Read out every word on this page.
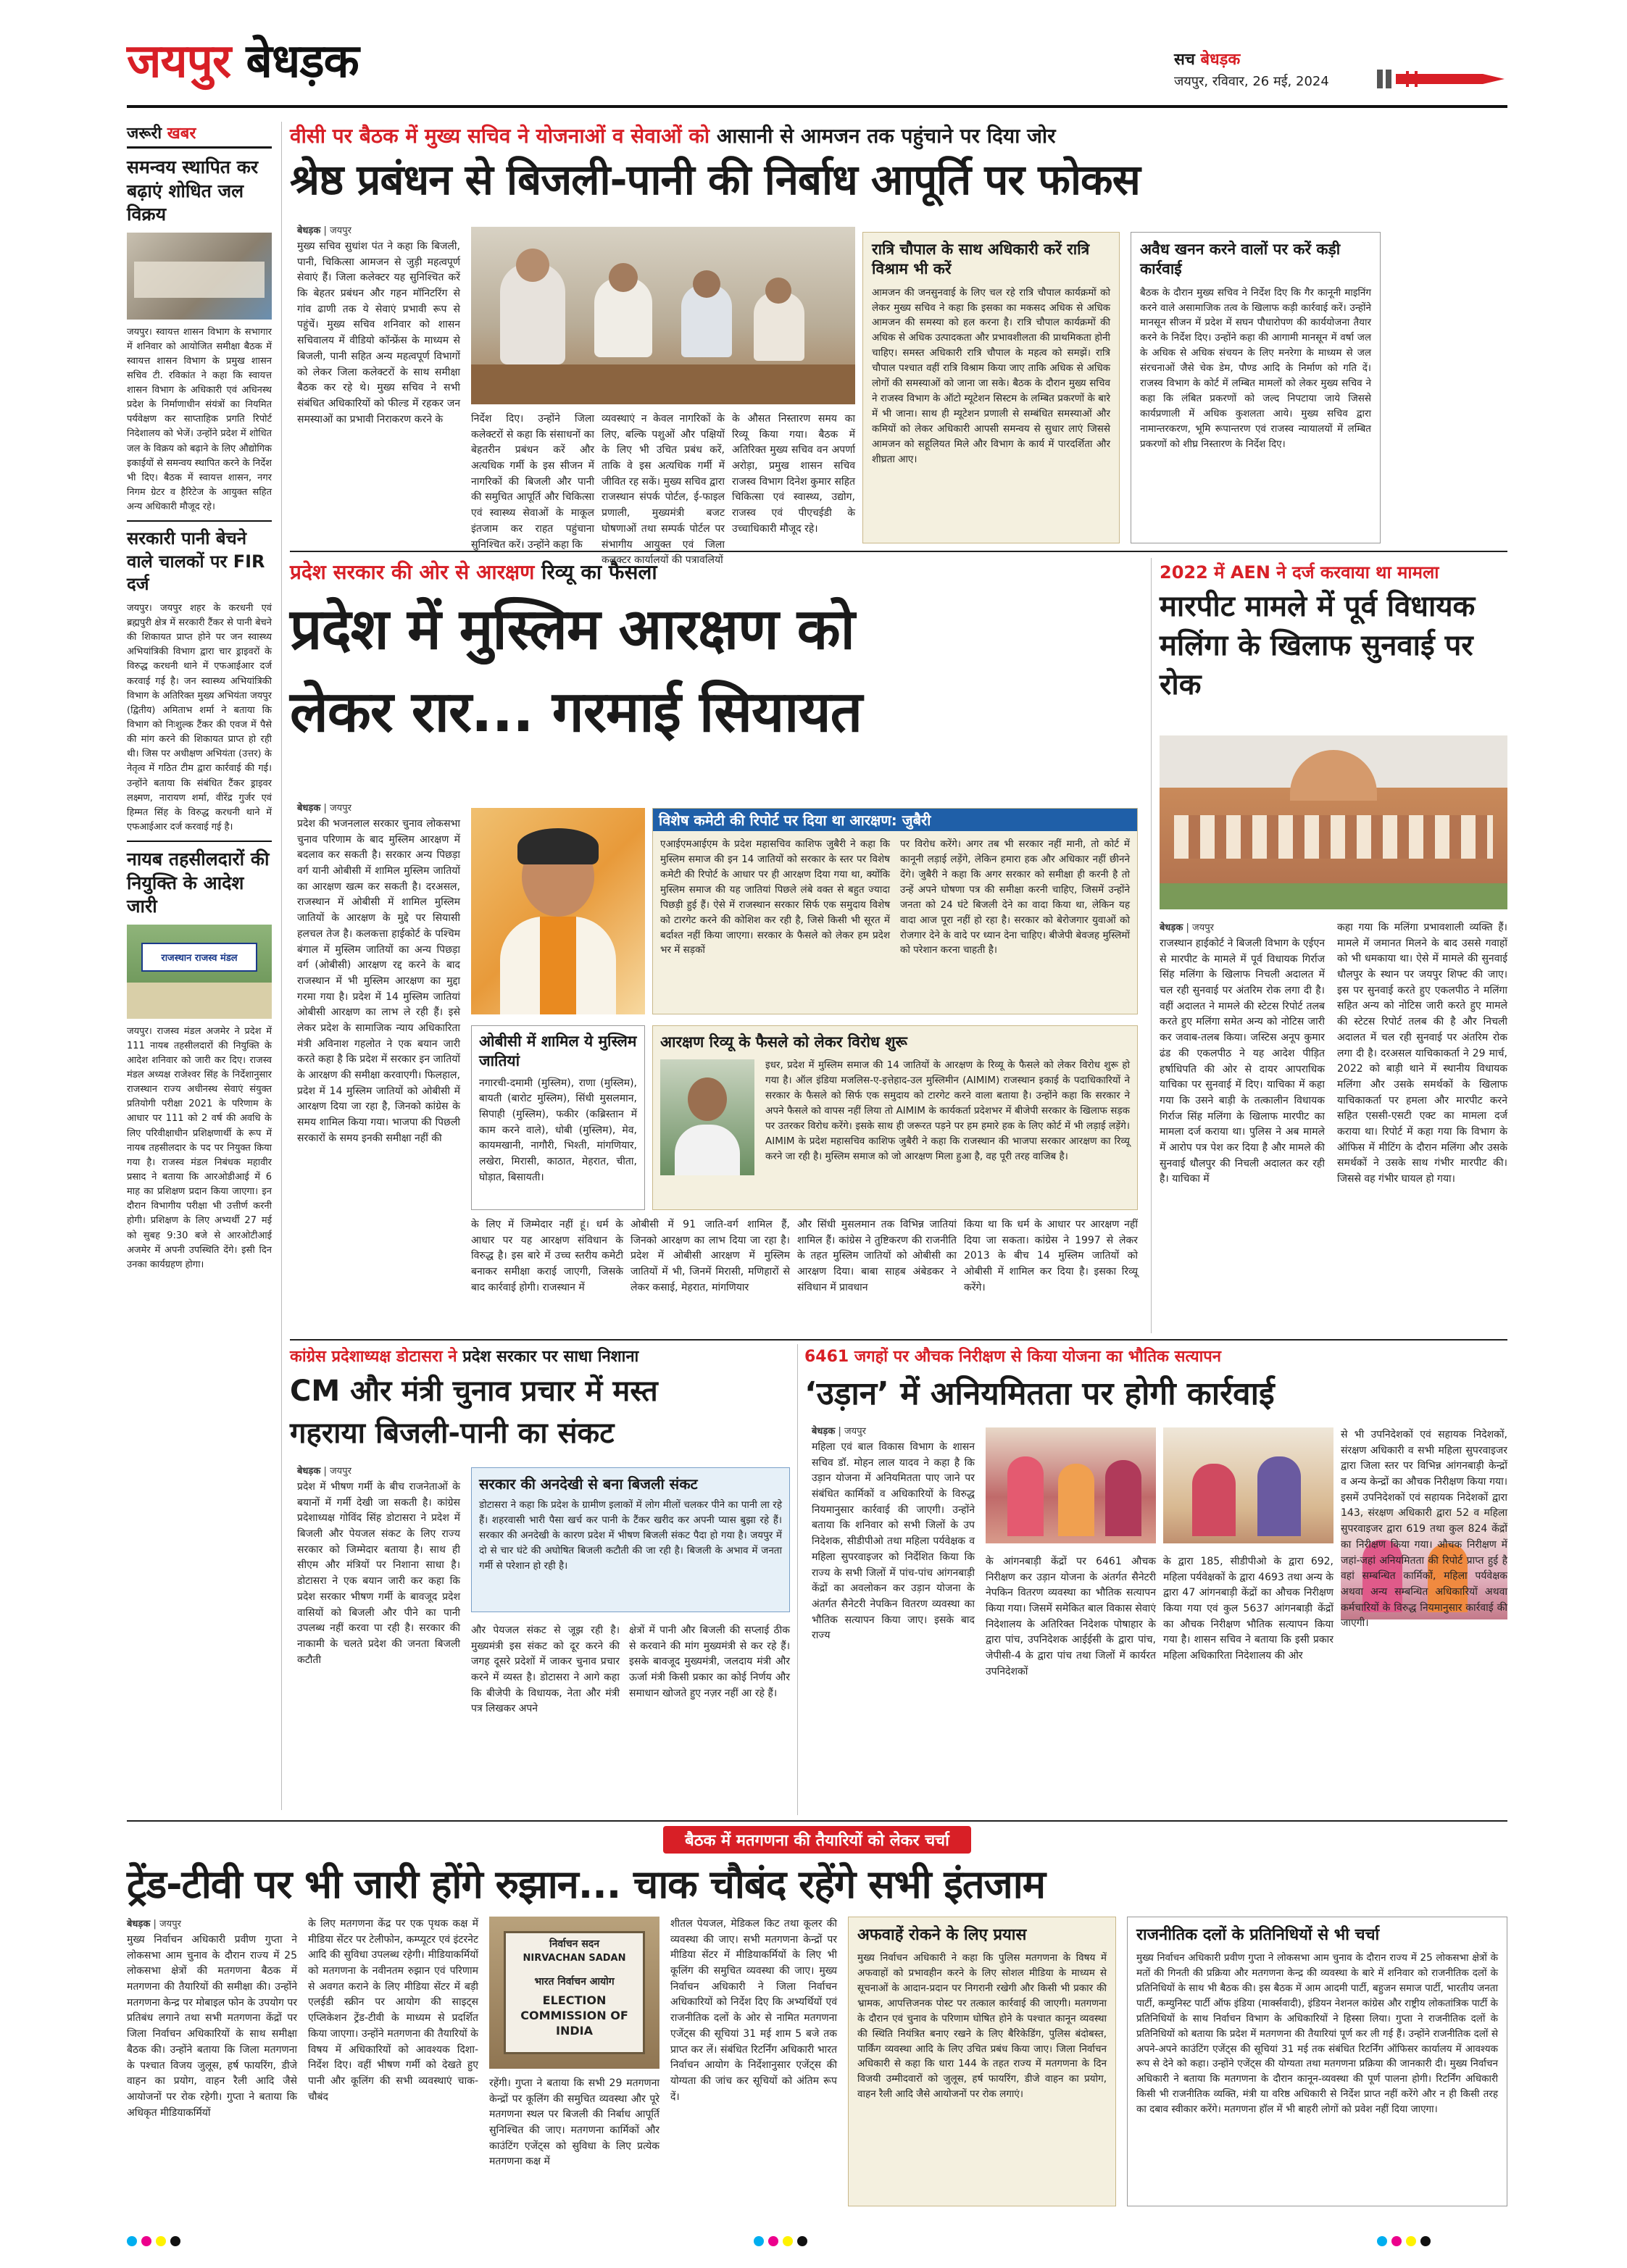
जयपुर बेधड़क	सच बेधड़क
जयपुर, रविवार, 26 मई, 2024
जरूरी खबर
समन्वय स्थापित कर बढ़ाएं शोधित जल विक्रय

जयपुर। स्वायत्त शासन विभाग के सभागार में शनिवार को आयोजित समीक्षा बैठक में स्वायत्त शासन विभाग के प्रमुख शासन सचिव टी. रविकांत ने कहा कि स्वायत्त शासन विभाग के अधिकारी एवं अधिनस्थ प्रदेश के निर्माणाधीन संयंत्रों का नियमित पर्यवेक्षण कर साप्ताहिक प्रगति रिपोर्ट निदेशालय को भेजें। उन्होंने प्रदेश में शोधित जल के विक्रय को बढ़ाने के लिए औद्योगिक इकाईयों से समन्वय स्थापित करने के निर्देश भी दिए। बैठक में स्वायत्त शासन, नगर निगम ग्रेटर व हैरिटेज के आयुक्त सहित अन्य अधिकारी मौजूद रहे।

सरकारी पानी बेचने वाले चालकों पर FIR दर्ज

जयपुर। जयपुर शहर के करधनी एवं ब्रह्मपुरी क्षेत्र में सरकारी टैंकर से पानी बेचने की शिकायत प्राप्त होने पर जन स्वास्थ्य अभियांत्रिकी विभाग द्वारा चार ड्राइवरों के विरुद्ध करधनी थाने में एफआईआर दर्ज करवाई गई है। जन स्वास्थ्य अभियांत्रिकी विभाग के अतिरिक्त मुख्य अभियंता जयपुर (द्वितीय) अमिताभ शर्मा ने बताया कि विभाग को निःशुल्क टैंकर की एवज में पैसे की मांग करने की शिकायत प्राप्त हो रही थी। जिस पर अधीक्षण अभियंता (उत्तर) के नेतृत्व में गठित टीम द्वारा कार्रवाई की गई। उन्होंने बताया कि संबंधित टैंकर ड्राइवर लक्ष्मण, नारायण शर्मा, वीरेंद्र गुर्जर एवं हिम्मत सिंह के विरुद्ध करधनी थाने में एफआईआर दर्ज करवाई गई है।

नायब तहसीलदारों की नियुक्ति के आदेश जारी
राजस्थान राजस्व मंडल

जयपुर। राजस्व मंडल अजमेर ने प्रदेश में 111 नायब तहसीलदारों की नियुक्ति के आदेश शनिवार को जारी कर दिए। राजस्व मंडल अध्यक्ष राजेश्वर सिंह के निर्देशानुसार राजस्थान राज्य अधीनस्थ सेवाएं संयुक्त प्रतियोगी परीक्षा 2021 के परिणाम के आधार पर 111 को 2 वर्ष की अवधि के लिए परिवीक्षाधीन प्रशिक्षणार्थी के रूप में नायब तहसीलदार के पद पर नियुक्त किया गया है। राजस्व मंडल निबंधक महावीर प्रसाद ने बताया कि आरओडीआई में 6 माह का प्रशिक्षण प्रदान किया जाएगा। इन दौरान विभागीय परीक्षा भी उत्तीर्ण करनी होगी। प्रशिक्षण के लिए अभ्यर्थी 27 मई को सुबह 9:30 बजे से आरओटीआई अजमेर में अपनी उपस्थिति देंगे। इसी दिन उनका कार्यग्रहण होगा।

वीसी पर बैठक में मुख्य सचिव ने योजनाओं व सेवाओं को आसानी से आमजन तक पहुंचाने पर दिया जोर
श्रेष्ठ प्रबंधन से बिजली-पानी की निर्बाध आपूर्ति पर फोकस
बेधड़क | जयपुर

मुख्य सचिव सुधांश पंत ने कहा कि बिजली, पानी, चिकित्सा आमजन से जुड़ी महत्वपूर्ण सेवाएं हैं। जिला कलेक्टर यह सुनिश्चित करें कि बेहतर प्रबंधन और गहन मॉनिटरिंग से गांव ढाणी तक ये सेवाएं प्रभावी रूप से पहुंचें। मुख्य सचिव शनिवार को शासन सचिवालय में वीडियो कॉन्फ्रेंस के माध्यम से बिजली, पानी सहित अन्य महत्वपूर्ण विभागों को लेकर जिला कलेक्टरों के साथ समीक्षा बैठक कर रहे थे। मुख्य सचिव ने सभी संबंधित अधिकारियों को फील्ड में रहकर जन समस्याओं का प्रभावी निराकरण करने के	निर्देश दिए। उन्होंने जिला कलेक्टरों से कहा कि संसाधनों का बेहतरीन प्रबंधन करें और अत्यधिक गर्मी के इस सीजन में नागरिकों की बिजली और पानी की समुचित आपूर्ति और चिकित्सा एवं स्वास्थ्य सेवाओं के माकूल इंतजाम कर राहत पहुंचाना सुनिश्चित करें। उन्होंने कहा कि

व्यवस्थाएं न केवल नागरिकों के लिए, बल्कि पशुओं और पक्षियों के लिए भी उचित प्रबंध करें, ताकि वे इस अत्यधिक गर्मी में जीवित रह सकें। मुख्य सचिव द्वारा राजस्थान संपर्क पोर्टल, ई-फाइल प्रणाली, मुख्यमंत्री बजट घोषणाओं तथा सम्पर्क पोर्टल पर संभागीय आयुक्त एवं जिला कलक्टर कार्यालयों की पत्रावलियों

के औसत निस्तारण समय का रिव्यू किया गया। बैठक में अतिरिक्त मुख्य सचिव वन अपर्णा अरोड़ा, प्रमुख शासन सचिव राजस्व विभाग दिनेश कुमार सहित चिकित्सा एवं स्वास्थ्य, उद्योग, राजस्व एवं पीएचईडी के उच्चाधिकारी मौजूद रहे।

रात्रि चौपाल के साथ अधिकारी करें रात्रि विश्राम भी करें

आमजन की जनसुनवाई के लिए चल रहे रात्रि चौपाल कार्यक्रमों को लेकर मुख्य सचिव ने कहा कि इसका का मकसद अधिक से अधिक आमजन की समस्या को हल करना है। रात्रि चौपाल कार्यक्रमों की अधिक से अधिक उत्पादकता और प्रभावशीलता की प्राथमिकता होनी चाहिए। समस्त अधिकारी रात्रि चौपाल के महत्व को समझें। रात्रि चौपाल पश्चात वहीं रात्रि विश्राम किया जाए ताकि अधिक से अधिक लोगों की समस्याओं को जाना जा सके। बैठक के दौरान मुख्य सचिव ने राजस्व विभाग के ऑटो म्यूटेशन सिस्टम के लम्बित प्रकरणों के बारे में भी जाना। साथ ही म्यूटेशन प्रणाली से सम्बंधित समस्याओं और कमियों को लेकर अधिकारी आपसी समन्वय से सुधार लाएं जिससे आमजन को सहूलियत मिले और विभाग के कार्य में पारदर्शिता और शीघ्रता आए।

अवैध खनन करने वालों पर करें कड़ी कार्रवाई

बैठक के दौरान मुख्य सचिव ने निर्देश दिए कि गैर कानूनी माइनिंग करने वाले असामाजिक तत्व के खिलाफ कड़ी कार्रवाई करें। उन्होंने मानसून सीजन में प्रदेश में सघन पौधारोपण की कार्ययोजना तैयार करने के निर्देश दिए। उन्होंने कहा की आगामी मानसून में वर्षा जल के अधिक से अधिक संचयन के लिए मनरेगा के माध्यम से जल संरचनाओं जैसे चेक डेम, पौण्ड आदि के निर्माण को गति दें। राजस्व विभाग के कोर्ट में लम्बित मामलों को लेकर मुख्य सचिव ने कहा कि लंबित प्रकरणों को जल्द निपटाया जाये जिससे कार्यप्रणाली में अधिक कुशलता आये। मुख्य सचिव द्वारा नामान्तरकरण, भूमि रूपान्तरण एवं राजस्व न्यायालयों में लम्बित प्रकरणों को शीघ्र निस्तारण के निर्देश दिए।

प्रदेश सरकार की ओर से आरक्षण रिव्यू का फैसला
प्रदेश में मुस्लिम आरक्षण को
लेकर रार... गरमाई सियायत
बेधड़क | जयपुर

प्रदेश की भजनलाल सरकार चुनाव लोकसभा चुनाव परिणाम के बाद मुस्लिम आरक्षण में बदलाव कर सकती है। सरकार अन्य पिछड़ा वर्ग यानी ओबीसी में शामिल मुस्लिम जातियों का आरक्षण खत्म कर सकती है। दरअसल, राजस्थान में ओबीसी में शामिल मुस्लिम जातियों के आरक्षण के मुद्दे पर सियासी हलचल तेज है। कलकत्ता हाईकोर्ट के पश्चिम बंगाल में मुस्लिम जातियों का अन्य पिछड़ा वर्ग (ओबीसी) आरक्षण रद्द करने के बाद राजस्थान में भी मुस्लिम आरक्षण का मुद्दा गरमा गया है। प्रदेश में 14 मुस्लिम जातियां ओबीसी आरक्षण का लाभ ले रही हैं। इसे लेकर प्रदेश के सामाजिक न्याय अधिकारिता मंत्री अविनाश गहलोत ने एक बयान जारी करते कहा है कि प्रदेश में सरकार इन जातियों के आरक्षण की समीक्षा करवाएगी। फिलहाल, प्रदेश में 14 मुस्लिम जातियों को ओबीसी में आरक्षण दिया जा रहा है, जिनको कांग्रेस के समय शामिल किया गया। भाजपा की पिछली सरकारों के समय इनकी समीक्षा नहीं की

विशेष कमेटी की रिपोर्ट पर दिया था आरक्षण: जुबैरी

एआईएमआईएम के प्रदेश महासचिव काशिफ जुबैरी ने कहा कि मुस्लिम समाज की इन 14 जातियों को सरकार के स्तर पर विशेष कमेटी की रिपोर्ट के आधार पर ही आरक्षण दिया गया था, क्योंकि मुस्लिम समाज की यह जातियां पिछले लंबे वक्त से बहुत ज्यादा पिछड़ी हुई हैं। ऐसे में राजस्थान सरकार सिर्फ एक समुदाय विशेष को टारगेट करने की कोशिश कर रही है, जिसे किसी भी सूरत में बर्दाश्त नहीं किया जाएगा। सरकार के फैसले को लेकर हम प्रदेश भर में सड़कों

पर विरोध करेंगे। अगर तब भी सरकार नहीं मानी, तो कोर्ट में कानूनी लड़ाई लड़ेंगे, लेकिन हमारा हक और अधिकार नहीं छीनने देंगे। जुबैरी ने कहा कि अगर सरकार को समीक्षा ही करनी है तो उन्हें अपने घोषणा पत्र की समीक्षा करनी चाहिए, जिसमें उन्होंने जनता को 24 घंटे बिजली देने का वादा किया था, लेकिन यह वादा आज पूरा नहीं हो रहा है। सरकार को बेरोजगार युवाओं को रोजगार देने के वादे पर ध्यान देना चाहिए। बीजेपी बेवजह मुस्लिमों को परेशान करना चाहती है।

ओबीसी में शामिल ये मुस्लिम जातियां

नगारची-दमामी (मुस्लिम), राणा (मुस्लिम), बायती (बारोट मुस्लिम), सिंधी मुसलमान, सिपाही (मुस्लिम), फकीर (कब्रिस्तान में काम करने वाले), धोबी (मुस्लिम), मेव, कायमखानी, नागौरी, भिश्ती, मांगणियार, लखेरा, मिरासी, काठात, मेहरात, चीता, घोड़ात, बिसायती।

आरक्षण रिव्यू के फैसले को लेकर विरोध शुरू

इधर, प्रदेश में मुस्लिम समाज की 14 जातियों के आरक्षण के रिव्यू के फैसले को लेकर विरोध शुरू हो गया है। ऑल इंडिया मजलिस-ए-इत्तेहाद-उल मुस्लिमीन (AIMIM) राजस्थान इकाई के पदाधिकारियों ने सरकार के फैसले को सिर्फ एक समुदाय को टारगेट करने वाला बताया है। उन्होंने कहा कि सरकार ने अपने फैसले को वापस नहीं लिया तो AIMIM के कार्यकर्ता प्रदेशभर में बीजेपी सरकार के खिलाफ सड़क पर उतरकर विरोध करेंगे। इसके साथ ही जरूरत पड़ने पर हम हमारे हक के लिए कोर्ट में भी लड़ाई लड़ेंगे। AIMIM के प्रदेश महासचिव काशिफ जुबैरी ने कहा कि राजस्थान की भाजपा सरकार आरक्षण का रिव्यू करने जा रही है। मुस्लिम समाज को जो आरक्षण मिला हुआ है, वह पूरी तरह वाजिब है।

के लिए में जिम्मेदार नहीं हूं। धर्म के आधार पर यह आरक्षण संविधान के विरुद्ध है। इस बारे में उच्च स्तरीय कमेटी बनाकर समीक्षा कराई जाएगी, जिसके बाद कार्रवाई होगी। राजस्थान में

ओबीसी में 91 जाति-वर्ग शामिल हैं, जिनको आरक्षण का लाभ दिया जा रहा है। प्रदेश में ओबीसी आरक्षण में मुस्लिम जातियों में भी, जिनमें मिरासी, मणिहारों से लेकर कसाई, मेहरात, मांगणियार

और सिंधी मुसलमान तक विभिन्न जातियां शामिल हैं। कांग्रेस ने तुष्टिकरण की राजनीति के तहत मुस्लिम जातियों को ओबीसी का आरक्षण दिया। बाबा साहब अंबेडकर ने संविधान में प्रावधान

किया था कि धर्म के आधार पर आरक्षण नहीं दिया जा सकता। कांग्रेस ने 1997 से लेकर 2013 के बीच 14 मुस्लिम जातियों को ओबीसी में शामिल कर दिया है। इसका रिव्यू करेंगे।

2022 में AEN ने दर्ज करवाया था मामला
मारपीट मामले में पूर्व विधायक मलिंगा के खिलाफ सुनवाई पर रोक
बेधड़क | जयपुर

राजस्थान हाईकोर्ट ने बिजली विभाग के एईएन से मारपीट के मामले में पूर्व विधायक गिर्राज सिंह मलिंगा के खिलाफ निचली अदालत में चल रही सुनवाई पर अंतरिम रोक लगा दी है। वहीं अदालत ने मामले की स्टेटस रिपोर्ट तलब करते हुए मलिंगा समेत अन्य को नोटिस जारी कर जवाब-तलब किया। जस्टिस अनूप कुमार ढंड की एकलपीठ ने यह आदेश पीड़ित हर्षाधिपति की ओर से दायर आपराधिक याचिका पर सुनवाई में दिए। याचिका में कहा गया कि उसने बाड़ी के तत्कालीन विधायक गिर्राज सिंह मलिंगा के खिलाफ मारपीट का मामला दर्ज कराया था। पुलिस ने अब मामले में आरोप पत्र पेश कर दिया है और मामले की सुनवाई धौलपुर की निचली अदालत कर रही है। याचिका में

कहा गया कि मलिंगा प्रभावशाली व्यक्ति हैं। मामले में जमानत मिलने के बाद उससे गवाहों को भी धमकाया था। ऐसे में मामले की सुनवाई धौलपुर के स्थान पर जयपुर शिफ्ट की जाए। इस पर सुनवाई करते हुए एकलपीठ ने मलिंगा सहित अन्य को नोटिस जारी करते हुए मामले की स्टेटस रिपोर्ट तलब की है और निचली अदालत में चल रही सुनवाई पर अंतरिम रोक लगा दी है। दरअसल याचिकाकर्ता ने 29 मार्च, 2022 को बाड़ी थाने में स्थानीय विधायक मलिंगा और उसके समर्थकों के खिलाफ याचिकाकर्ता पर हमला और मारपीट करने सहित एससी-एसटी एक्ट का मामला दर्ज कराया था। रिपोर्ट में कहा गया कि विभाग के ऑफिस में मीटिंग के दौरान मलिंगा और उसके समर्थकों ने उसके साथ गंभीर मारपीट की। जिससे वह गंभीर घायल हो गया।

कांग्रेस प्रदेशाध्यक्ष डोटासरा ने प्रदेश सरकार पर साधा निशाना
CM और मंत्री चुनाव प्रचार में मस्त
गहराया बिजली-पानी का संकट
बेधड़क | जयपुर

प्रदेश में भीषण गर्मी के बीच राजनेताओं के बयानों में गर्मी देखी जा सकती है। कांग्रेस प्रदेशाध्यक्ष गोविंद सिंह डोटासरा ने प्रदेश में बिजली और पेयजल संकट के लिए राज्य सरकार को जिम्मेदार बताया है। साथ ही सीएम और मंत्रियों पर निशाना साधा है। डोटासरा ने एक बयान जारी कर कहा कि प्रदेश सरकार भीषण गर्मी के बावजूद प्रदेश वासियों को बिजली और पीने का पानी उपलब्ध नहीं करवा पा रही है। सरकार की नाकामी के चलते प्रदेश की जनता बिजली कटौती

सरकार की अनदेखी से बना बिजली संकट

डोटासरा ने कहा कि प्रदेश के ग्रामीण इलाकों में लोग मीलों चलकर पीने का पानी ला रहे हैं। शहरवासी भारी पैसा खर्च कर पानी के टैंकर खरीद कर अपनी प्यास बुझा रहे हैं। सरकार की अनदेखी के कारण प्रदेश में भीषण बिजली संकट पैदा हो गया है। जयपुर में दो से चार घंटे की अघोषित बिजली कटौती की जा रही है। बिजली के अभाव में जनता गर्मी से परेशान हो रही है।

और पेयजल संकट से जूझ रही है। मुख्यमंत्री इस संकट को दूर करने की जगह दूसरे प्रदेशों में जाकर चुनाव प्रचार करने में व्यस्त है। डोटासरा ने आगे कहा कि बीजेपी के विधायक, नेता और मंत्री पत्र लिखकर अपने

क्षेत्रों में पानी और बिजली की सप्लाई ठीक से करवाने की मांग मुख्यमंत्री से कर रहे हैं। इसके बावजूद मुख्यमंत्री, जलदाय मंत्री और ऊर्जा मंत्री किसी प्रकार का कोई निर्णय और समाधान खोजते हुए नज़र नहीं आ रहे हैं।

6461 जगहों पर औचक निरीक्षण से किया योजना का भौतिक सत्यापन
‘उड़ान’ में अनियमितता पर होगी कार्रवाई
बेधड़क | जयपुर

महिला एवं बाल विकास विभाग के शासन सचिव डॉ. मोहन लाल यादव ने कहा है कि उड़ान योजना में अनियमितता पाए जाने पर संबंधित कार्मिकों व अधिकारियों के विरुद्ध नियमानुसार कार्रवाई की जाएगी। उन्होंने बताया कि शनिवार को सभी जिलों के उप निदेशक, सीडीपीओ तथा महिला पर्यवेक्षक व महिला सुपरवाइजर को निर्देशित किया कि राज्य के सभी जिलों में पांच-पांच आंगनबाड़ी केंद्रों का अवलोकन कर उड़ान योजना के अंतर्गत सैनेटरी नेपकिन वितरण व्यवस्था का भौतिक सत्यापन किया जाए। इसके बाद राज्य

के आंगनबाड़ी केंद्रों पर 6461 औचक निरीक्षण कर उड़ान योजना के अंतर्गत सैनेटरी नेपकिन वितरण व्यवस्था का भौतिक सत्यापन किया गया। जिसमें समेकित बाल विकास सेवाएं निदेशालय के अतिरिक्त निदेशक पोषाहार के द्वारा पांच, उपनिदेशक आईईसी के द्वारा पांच, जेपीसी-4 के द्वारा पांच तथा जिलों में कार्यरत उपनिदेशकों

के द्वारा 185, सीडीपीओ के द्वारा 692, महिला पर्यवेक्षकों के द्वारा 4693 तथा अन्य के द्वारा 47 आंगनबाड़ी केंद्रों का औचक निरीक्षण किया गया एवं कुल 5637 आंगनबाड़ी केंद्रों का औचक निरीक्षण भौतिक सत्यापन किया गया है। शासन सचिव ने बताया कि इसी प्रकार महिला अधिकारिता निदेशालय की ओर

से भी उपनिदेशकों एवं सहायक निदेशकों, संरक्षण अधिकारी व सभी महिला सुपरवाइजर द्वारा जिला स्तर पर विभिन्न आंगनबाड़ी केन्द्रों व अन्य केन्द्रों का औचक निरीक्षण किया गया। इसमें उपनिदेशकों एवं सहायक निदेशकों द्वारा 143, संरक्षण अधिकारी द्वारा 52 व महिला सुपरवाइजर द्वारा 619 तथा कुल 824 केंद्रों का निरीक्षण किया गया। औचक निरीक्षण में जहां-जहां अनियमितता की रिपोर्ट प्राप्त हुई है वहां सम्बन्धित कार्मिकों, महिला पर्यवेक्षक अथवा अन्य सम्बन्धित अधिकारियों अथवा कर्मचारियों के विरुद्ध नियमानुसार कार्रवाई की जाएगी।

बैठक में मतगणना की तैयारियों को लेकर चर्चा
ट्रेंड-टीवी पर भी जारी होंगे रुझान... चाक चौबंद रहेंगे सभी इंतजाम
बेधड़क | जयपुर

मुख्य निर्वाचन अधिकारी प्रवीण गुप्ता ने लोकसभा आम चुनाव के दौरान राज्य में 25 लोकसभा क्षेत्रों की मतगणना बैठक में मतगणना की तैयारियों की समीक्षा की। उन्होंने मतगणना केन्द्र पर मोबाइल फोन के उपयोग पर प्रतिबंध लगाने तथा सभी मतगणना केंद्रों पर जिला निर्वाचन अधिकारियों के साथ समीक्षा बैठक की। उन्होंने बताया कि जिला मतगणना के पश्चात विजय जुलूस, हर्ष फायरिंग, डीजे वाहन का प्रयोग, वाहन रैली आदि जैसे आयोजनों पर रोक रहेगी। गुप्ता ने बताया कि अधिकृत मीडियाकर्मियों

के लिए मतगणना केंद्र पर एक पृथक कक्ष में मीडिया सेंटर पर टेलीफोन, कम्प्यूटर एवं इंटरनेट आदि की सुविधा उपलब्ध रहेगी। मीडियाकर्मियों को मतगणना के नवीनतम रुझान एवं परिणाम से अवगत कराने के लिए मीडिया सेंटर में बड़ी एलईडी स्क्रीन पर आयोग की साइट्स एप्लिकेशन ट्रेंड-टीवी के माध्यम से प्रदर्शित किया जाएगा। उन्होंने मतगणना की तैयारियों के विषय में अधिकारियों को आवश्यक दिशा-निर्देश दिए। वहीं भीषण गर्मी को देखते हुए पानी और कूलिंग की सभी व्यवस्थाएं चाक-चौबंद

निर्वाचन सदन
NIRVACHAN SADAN
भारत निर्वाचन आयोग
ELECTION COMMISSION OF INDIA

रहेंगी। गुप्ता ने बताया कि सभी 29 मतगणना केन्द्रों पर कूलिंग की समुचित व्यवस्था और पूरे मतगणना स्थल पर बिजली की निर्बाध आपूर्ति सुनिश्चित की जाए। मतगणना कार्मिकों और काउंटिंग एजेंट्स को सुविधा के लिए प्रत्येक मतगणना कक्ष में

शीतल पेयजल, मेडिकल किट तथा कूलर की व्यवस्था की जाए। सभी मतगणना केन्द्रों पर मीडिया सेंटर में मीडियाकर्मियों के लिए भी कूलिंग की समुचित व्यवस्था की जाए। मुख्य निर्वाचन अधिकारी ने जिला निर्वाचन अधिकारियों को निर्देश दिए कि अभ्यर्थियों एवं राजनीतिक दलों के ओर से नामित मतगणना एजेंट्स की सूचियां 31 मई शाम 5 बजे तक प्राप्त कर लें। संबंधित रिटर्निंग अधिकारी भारत निर्वाचन आयोग के निर्देशानुसार एजेंट्स की योग्यता की जांच कर सूचियों को अंतिम रूप दें।

अफवाहें रोकने के लिए प्रयास

मुख्य निर्वाचन अधिकारी ने कहा कि पुलिस मतगणना के विषय में अफवाहों को प्रभावहीन करने के लिए सोशल मीडिया के माध्यम से सूचनाओं के आदान-प्रदान पर निगरानी रखेगी और किसी भी प्रकार की भ्रामक, आपत्तिजनक पोस्ट पर तत्काल कार्रवाई की जाएगी। मतगणना के दौरान एवं चुनाव के परिणाम घोषित होने के पश्चात कानून व्यवस्था की स्थिति नियंत्रित बनाए रखने के लिए बैरिकेडिंग, पुलिस बंदोबस्त, पार्किंग व्यवस्था आदि के लिए उचित प्रबंध किया जाए। जिला निर्वाचन अधिकारी से कहा कि धारा 144 के तहत राज्य में मतगणना के दिन विजयी उम्मीदवारों को जुलूस, हर्ष फायरिंग, डीजे वाहन का प्रयोग, वाहन रैली आदि जैसे आयोजनों पर रोक लगाएं।

राजनीतिक दलों के प्रतिनिधियों से भी चर्चा

मुख्य निर्वाचन अधिकारी प्रवीण गुप्ता ने लोकसभा आम चुनाव के दौरान राज्य में 25 लोकसभा क्षेत्रों के मतों की गिनती की प्रक्रिया और मतगणना केन्द्र की व्यवस्था के बारे में शनिवार को राजनीतिक दलों के प्रतिनिधियों के साथ भी बैठक की। इस बैठक में आम आदमी पार्टी, बहुजन समाज पार्टी, भारतीय जनता पार्टी, कम्युनिस्ट पार्टी ऑफ इंडिया (मार्क्सवादी), इंडियन नेशनल कांग्रेस और राष्ट्रीय लोकतांत्रिक पार्टी के प्रतिनिधियों के साथ निर्वाचन विभाग के अधिकारियों ने हिस्सा लिया। गुप्ता ने राजनीतिक दलों के प्रतिनिधियों को बताया कि प्रदेश में मतगणना की तैयारियां पूर्ण कर ली गई हैं। उन्होंने राजनीतिक दलों से अपने-अपने काउंटिंग एजेंट्स की सूचियां 31 मई तक संबंधित रिटर्निंग ऑफिसर कार्यालय में आवश्यक रूप से देने को कहा। उन्होंने एजेंट्स की योग्यता तथा मतगणना प्रक्रिया की जानकारी दी। मुख्य निर्वाचन अधिकारी ने बताया कि मतगणना के दौरान कानून-व्यवस्था की पूर्ण पालना होगी। रिटर्निंग अधिकारी किसी भी राजनीतिक व्यक्ति, मंत्री या वरिष्ठ अधिकारी से निर्देश प्राप्त नहीं करेंगे और न ही किसी तरह का दबाव स्वीकार करेंगे। मतगणना हॉल में भी बाहरी लोगों को प्रवेश नहीं दिया जाएगा।
